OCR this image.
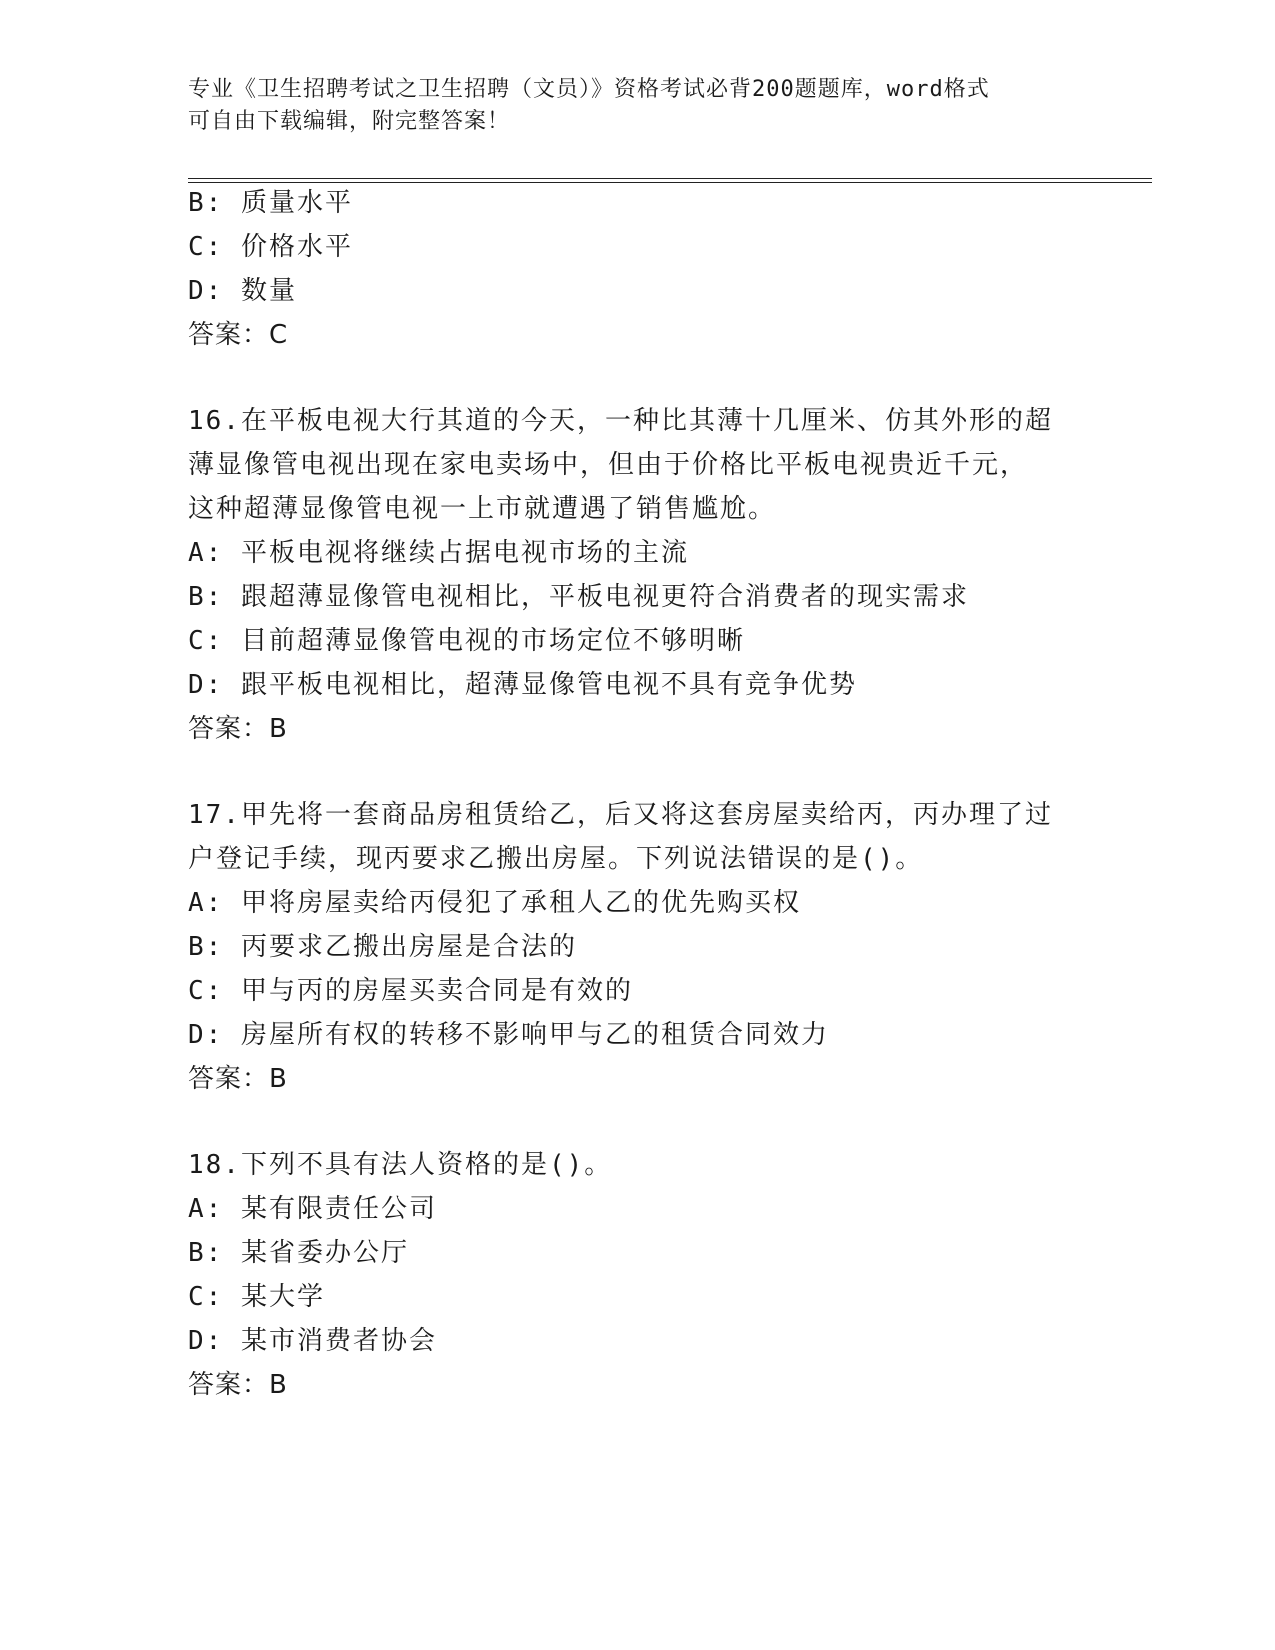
专业《卫生招聘考试之卫生招聘（文员）》资格考试必背200题题库，word格式
可自由下载编辑，附完整答案！
B: 质量水平
C: 价格水平
D: 数量
答案：C
16.在平板电视大行其道的今天，一种比其薄十几厘米、仿其外形的超
薄显像管电视出现在家电卖场中，但由于价格比平板电视贵近千元，
这种超薄显像管电视一上市就遭遇了销售尴尬。
A: 平板电视将继续占据电视市场的主流
B: 跟超薄显像管电视相比，平板电视更符合消费者的现实需求
C: 目前超薄显像管电视的市场定位不够明晰
D: 跟平板电视相比，超薄显像管电视不具有竞争优势
答案：B
17.甲先将一套商品房租赁给乙，后又将这套房屋卖给丙，丙办理了过
户登记手续，现丙要求乙搬出房屋。下列说法错误的是()。
A: 甲将房屋卖给丙侵犯了承租人乙的优先购买权
B: 丙要求乙搬出房屋是合法的
C: 甲与丙的房屋买卖合同是有效的
D: 房屋所有权的转移不影响甲与乙的租赁合同效力
答案：B
18.下列不具有法人资格的是()。
A: 某有限责任公司
B: 某省委办公厅
C: 某大学
D: 某市消费者协会
答案：B
